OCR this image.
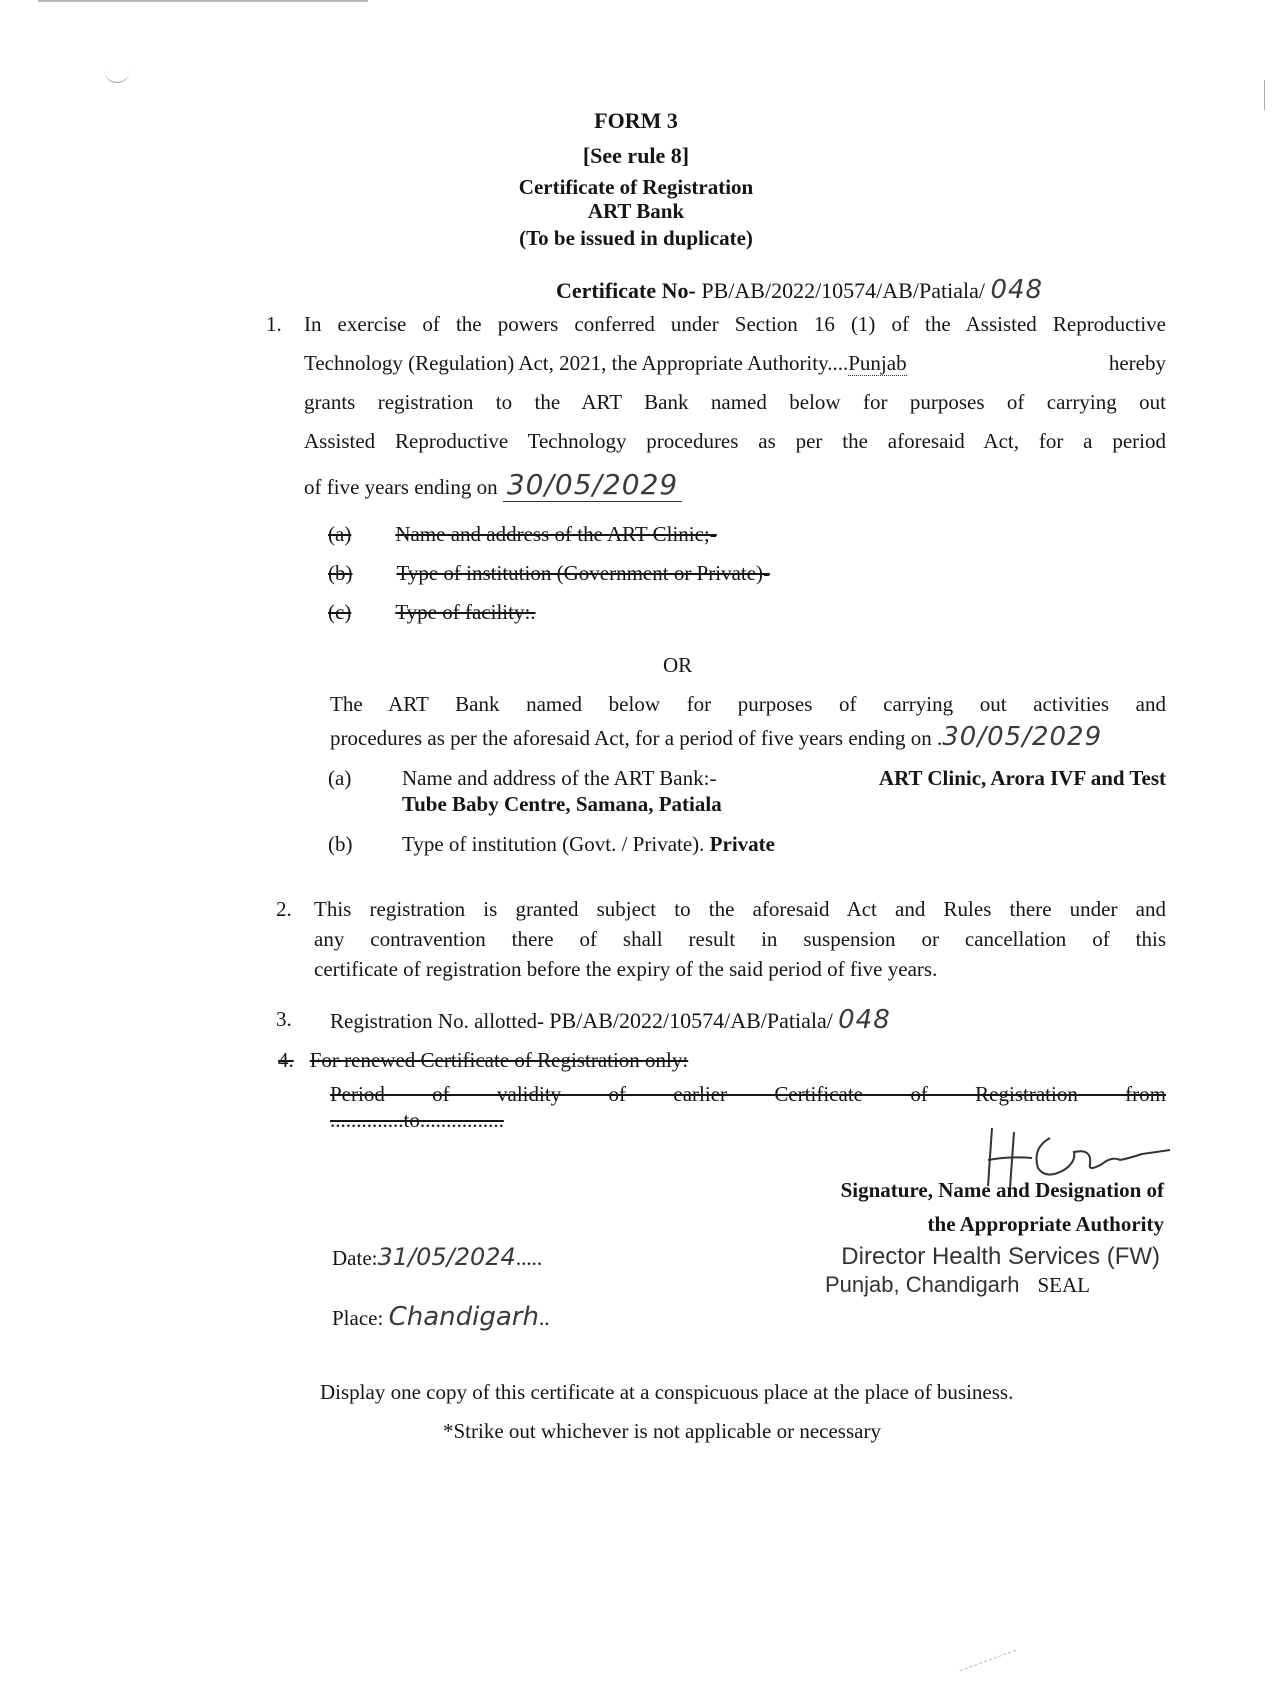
FORM 3
[See rule 8]
Certificate of Registration
ART Bank
(To be issued in duplicate)
Certificate No- PB/AB/2022/10574/AB/Patiala/ 048
1. In exercise of the powers conferred under Section 16 (1) of the Assisted Reproductive
Technology (Regulation) Act, 2021, the Appropriate Authority....Punjab	hereby
grants registration to the ART Bank named below for purposes of carrying out
Assisted Reproductive Technology procedures as per the aforesaid Act, for a period
of five years ending on 30/05/2029
(a) Name and address of the ART Clinic;-
(b) Type of institution (Government or Private)-
(c) Type of facility:.
OR
The ART Bank named below for purposes of carrying out activities and
procedures as per the aforesaid Act, for a period of five years ending on .30/05/2029
(a) Name and address of the ART Bank:-	ART Clinic, Arora IVF and Test
Tube Baby Centre, Samana, Patiala
(b) Type of institution (Govt. / Private). Private
2. This registration is granted subject to the aforesaid Act and Rules there under and
any contravention there of shall result in suspension or cancellation of this
certificate of registration before the expiry of the said period of five years.
3. Registration No. allotted- PB/AB/2022/10574/AB/Patiala/ 048
4. For renewed Certificate of Registration only:
Period of validity of earlier Certificate of Registration from
..............to................
Signature, Name and Designation of
the Appropriate Authority
Director Health Services (FW)
Punjab, Chandigarh SEAL
Date:31/05/2024.....
Place: Chandigarh..
Display one copy of this certificate at a conspicuous place at the place of business.
*Strike out whichever is not applicable or necessary
